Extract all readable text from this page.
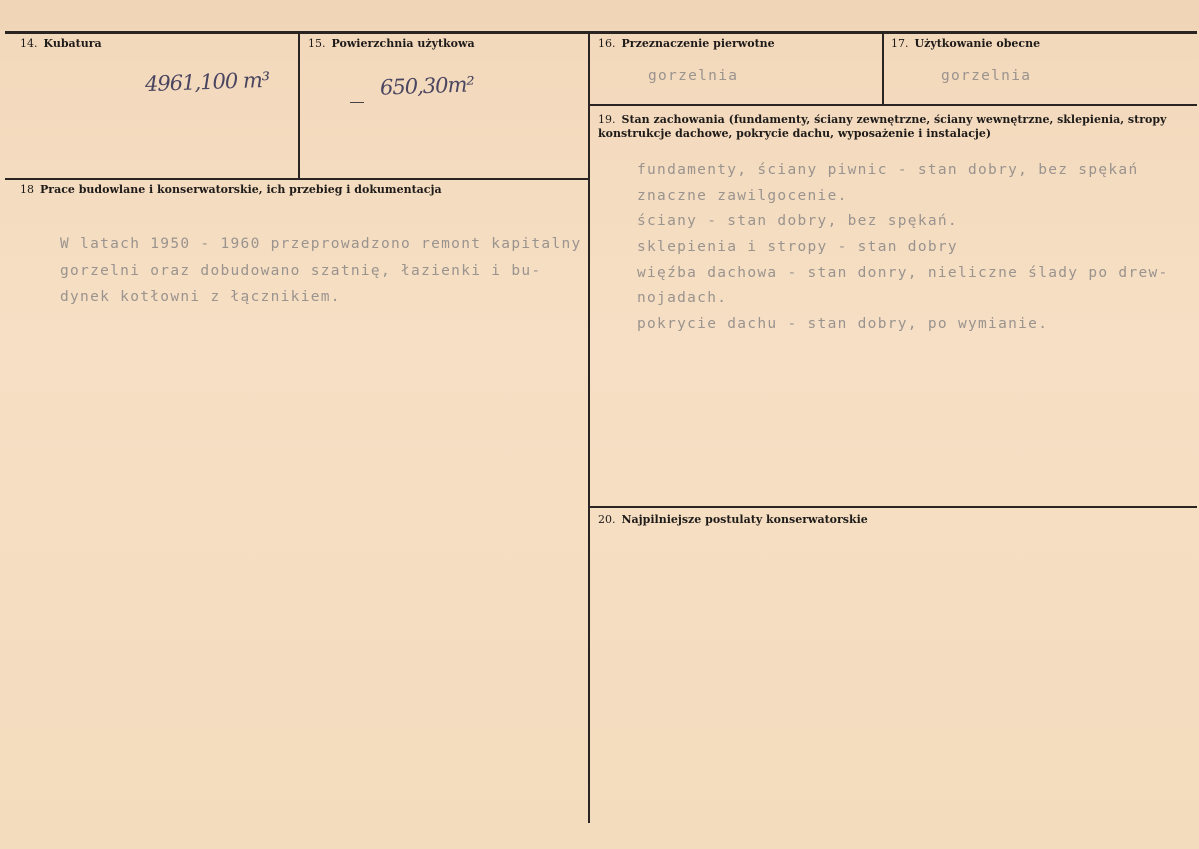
14. Kubatura
4961,100 m³
15. Powierzchnia użytkowa
650,30m²
16. Przeznaczenie pierwotne
gorzelnia
17. Użytkowanie obecne
gorzelnia
18 Prace budowlane i konserwatorskie, ich przebieg i dokumentacja
W latach 1950 - 1960 przeprowadzono remont kapitalny
gorzelni oraz dobudowano szatnię, łazienki i bu-
dynek kotłowni z łącznikiem.
19. Stan zachowania (fundamenty, ściany zewnętrzne, ściany wewnętrzne, sklepienia, stropy konstrukcje dachowe, pokrycie dachu, wyposażenie i instalacje)
fundamenty, ściany piwnic - stan dobry, bez spękań
znaczne zawilgocenie.
ściany - stan dobry, bez spękań.
sklepienia i stropy - stan dobry
więźba dachowa - stan donry, nieliczne ślady po drew-
nojadach.
pokrycie dachu - stan dobry, po wymianie.
20. Najpilniejsze postulaty konserwatorskie
